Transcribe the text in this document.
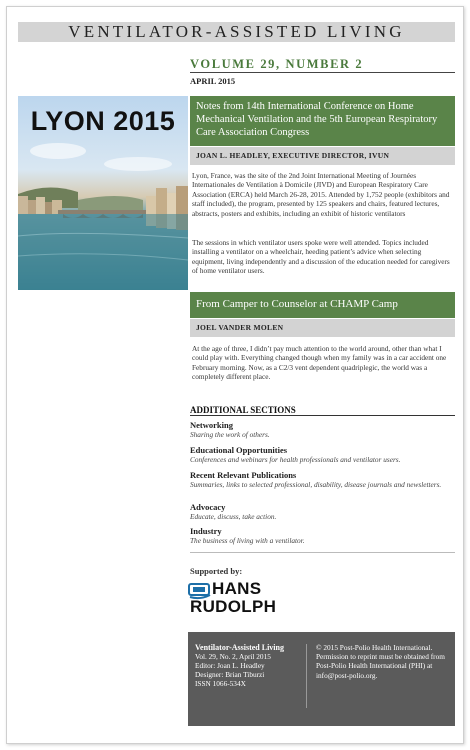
VENTILATOR-ASSISTED LIVING
VOLUME 29, NUMBER 2
APRIL 2015
LYON 2015	Notes from 14th International Conference on Home Mechanical Ventilation and the 5th European Respiratory Care Association Congress
JOAN L. HEADLEY, EXECUTIVE DIRECTOR, IVUN
Lyon, France, was the site of the 2nd Joint International Meeting of Journées Internationales de Ventilation à Domicile (JIVD) and European Respiratory Care Association (ERCA) held March 26-28, 2015. Attended by 1,752 people (exhibitors and staff included), the program, presented by 125 speakers and chairs, featured lectures, abstracts, posters and exhibits, including an exhibit of historic ventilators
The sessions in which ventilator users spoke were well attended. Topics included installing a ventilator on a wheelchair, heeding patient’s advice when selecting equipment, living independently and a discussion of the education needed for caregivers of home ventilator users.
From Camper to Counselor at CHAMP Camp
JOEL VANDER MOLEN
At the age of three, I didn’t pay much attention to the world around, other than what I could play with. Everything changed though when my family was in a car accident one February morning. Now, as a C2/3 vent dependent quadriplegic, the world was a completely different place.
ADDITIONAL SECTIONS
Networking
Sharing the work of others.
Educational Opportunities
Conferences and webinars for health professionals and ventilator users.
Recent Relevant Publications
Summaries, links to selected professional, disability, disease journals and newsletters.
Advocacy
Educate, discuss, take action.
Industry
The business of living with a ventilator.
Supported by:
HANS
RUDOLPH
Ventilator-Assisted Living
Vol. 29, No. 2, April 2015
Editor: Joan L. Headley
Designer: Brian Tiburzi
ISSN 1066-534X
© 2015 Post-Polio Health International. Permission to reprint must be obtained from Post-Polio Health International (PHI) at info@post-polio.org.
